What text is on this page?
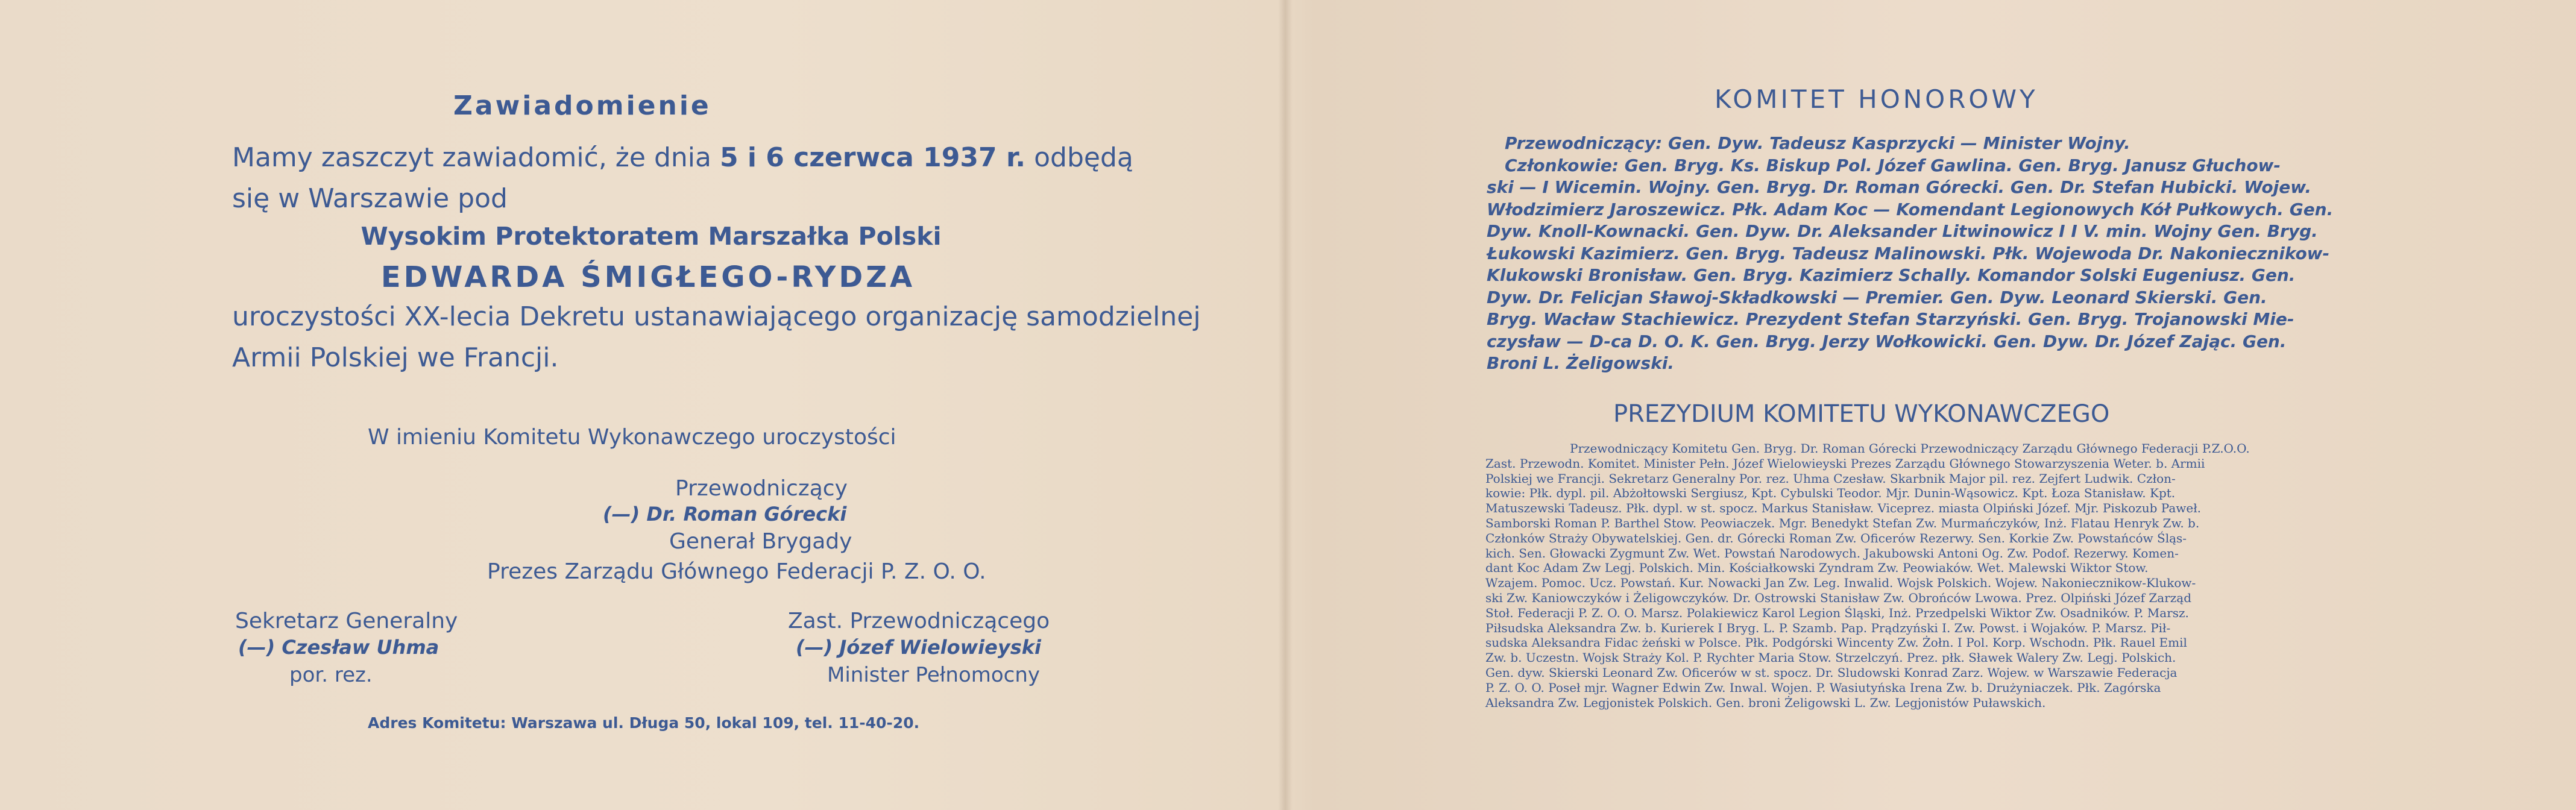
Zawiadomienie
Mamy zaszczyt zawiadomić, że dnia 5 i 6 czerwca 1937 r. odbędą
się w Warszawie pod
Wysokim Protektoratem Marszałka Polski
EDWARDA ŚMIGŁEGO-RYDZA
uroczystości XX-lecia Dekretu ustanawiającego organizację samodzielnej
Armii Polskiej we Francji.
W imieniu Komitetu Wykonawczego uroczystości
Przewodniczący
(—) Dr. Roman Górecki
Generał Brygady
Prezes Zarządu Głównego Federacji P. Z. O. O.
Sekretarz Generalny
(—) Czesław Uhma
por. rez.
Zast. Przewodniczącego
(—) Józef Wielowieyski
Minister Pełnomocny
Adres Komitetu: Warszawa ul. Długa 50, lokal 109, tel. 11-40-20.
KOMITET HONOROWY
Przewodniczący: Gen. Dyw. Tadeusz Kasprzycki — Minister Wojny.
Członkowie: Gen. Bryg. Ks. Biskup Pol. Józef Gawlina. Gen. Bryg. Janusz Głuchow-
ski — I Wicemin. Wojny. Gen. Bryg. Dr. Roman Górecki. Gen. Dr. Stefan Hubicki. Wojew.
Włodzimierz Jaroszewicz. Płk. Adam Koc — Komendant Legionowych Kół Pułkowych. Gen.
Dyw. Knoll-Kownacki. Gen. Dyw. Dr. Aleksander Litwinowicz I I V. min. Wojny Gen. Bryg.
Łukowski Kazimierz. Gen. Bryg. Tadeusz Malinowski. Płk. Wojewoda Dr. Nakoniecznikow-
Klukowski Bronisław. Gen. Bryg. Kazimierz Schally. Komandor Solski Eugeniusz. Gen.
Dyw. Dr. Felicjan Sławoj-Składkowski — Premier. Gen. Dyw. Leonard Skierski. Gen.
Bryg. Wacław Stachiewicz. Prezydent Stefan Starzyński. Gen. Bryg. Trojanowski Mie-
czysław — D-ca D. O. K. Gen. Bryg. Jerzy Wołkowicki. Gen. Dyw. Dr. Józef Zając. Gen.
Broni L. Żeligowski.
PREZYDIUM KOMITETU WYKONAWCZEGO
Przewodniczący Komitetu Gen. Bryg. Dr. Roman Górecki Przewodniczący Zarządu Głównego Federacji P.Z.O.O.
Zast. Przewodn. Komitet. Minister Pełn. Józef Wielowieyski Prezes Zarządu Głównego Stowarzyszenia Weter. b. Armii
Polskiej we Francji. Sekretarz Generalny Por. rez. Uhma Czesław. Skarbnik Major pil. rez. Zejfert Ludwik. Człon-
kowie: Płk. dypl. pil. Abżołtowski Sergiusz, Kpt. Cybulski Teodor. Mjr. Dunin-Wąsowicz. Kpt. Łoza Stanisław. Kpt.
Matuszewski Tadeusz. Płk. dypl. w st. spocz. Markus Stanisław. Viceprez. miasta Olpiński Józef. Mjr. Piskozub Paweł.
Samborski Roman P. Barthel Stow. Peowiaczek. Mgr. Benedykt Stefan Zw. Murmańczyków, Inż. Flatau Henryk Zw. b.
Członków Straży Obywatelskiej. Gen. dr. Górecki Roman Zw. Oficerów Rezerwy. Sen. Korkie Zw. Powstańców Śląs-
kich. Sen. Głowacki Zygmunt Zw. Wet. Powstań Narodowych. Jakubowski Antoni Og. Zw. Podof. Rezerwy. Komen-
dant Koc Adam Zw Legj. Polskich. Min. Kościałkowski Zyndram Zw. Peowiaków. Wet. Malewski Wiktor Stow.
Wzajem. Pomoc. Ucz. Powstań. Kur. Nowacki Jan Zw. Leg. Inwalid. Wojsk Polskich. Wojew. Nakoniecznikow-Klukow-
ski Zw. Kaniowczyków i Żeligowczyków. Dr. Ostrowski Stanisław Zw. Obrońców Lwowa. Prez. Olpiński Józef Zarząd
Stoł. Federacji P. Z. O. O. Marsz. Polakiewicz Karol Legion Śląski, Inż. Przedpelski Wiktor Zw. Osadników. P. Marsz.
Piłsudska Aleksandra Zw. b. Kurierek I Bryg. L. P. Szamb. Pap. Prądzyński I. Zw. Powst. i Wojaków. P. Marsz. Pił-
sudska Aleksandra Fidac żeński w Polsce. Płk. Podgórski Wincenty Zw. Żołn. I Pol. Korp. Wschodn. Płk. Rauel Emil
Zw. b. Uczestn. Wojsk Straży Kol. P. Rychter Maria Stow. Strzelczyń. Prez. płk. Sławek Walery Zw. Legj. Polskich.
Gen. dyw. Skierski Leonard Zw. Oficerów w st. spocz. Dr. Sludowski Konrad Zarz. Wojew. w Warszawie Federacja
P. Z. O. O. Poseł mjr. Wagner Edwin Zw. Inwal. Wojen. P. Wasiutyńska Irena Zw. b. Drużyniaczek. Płk. Zagórska
Aleksandra Zw. Legjonistek Polskich. Gen. broni Żeligowski L. Zw. Legjonistów Puławskich.
